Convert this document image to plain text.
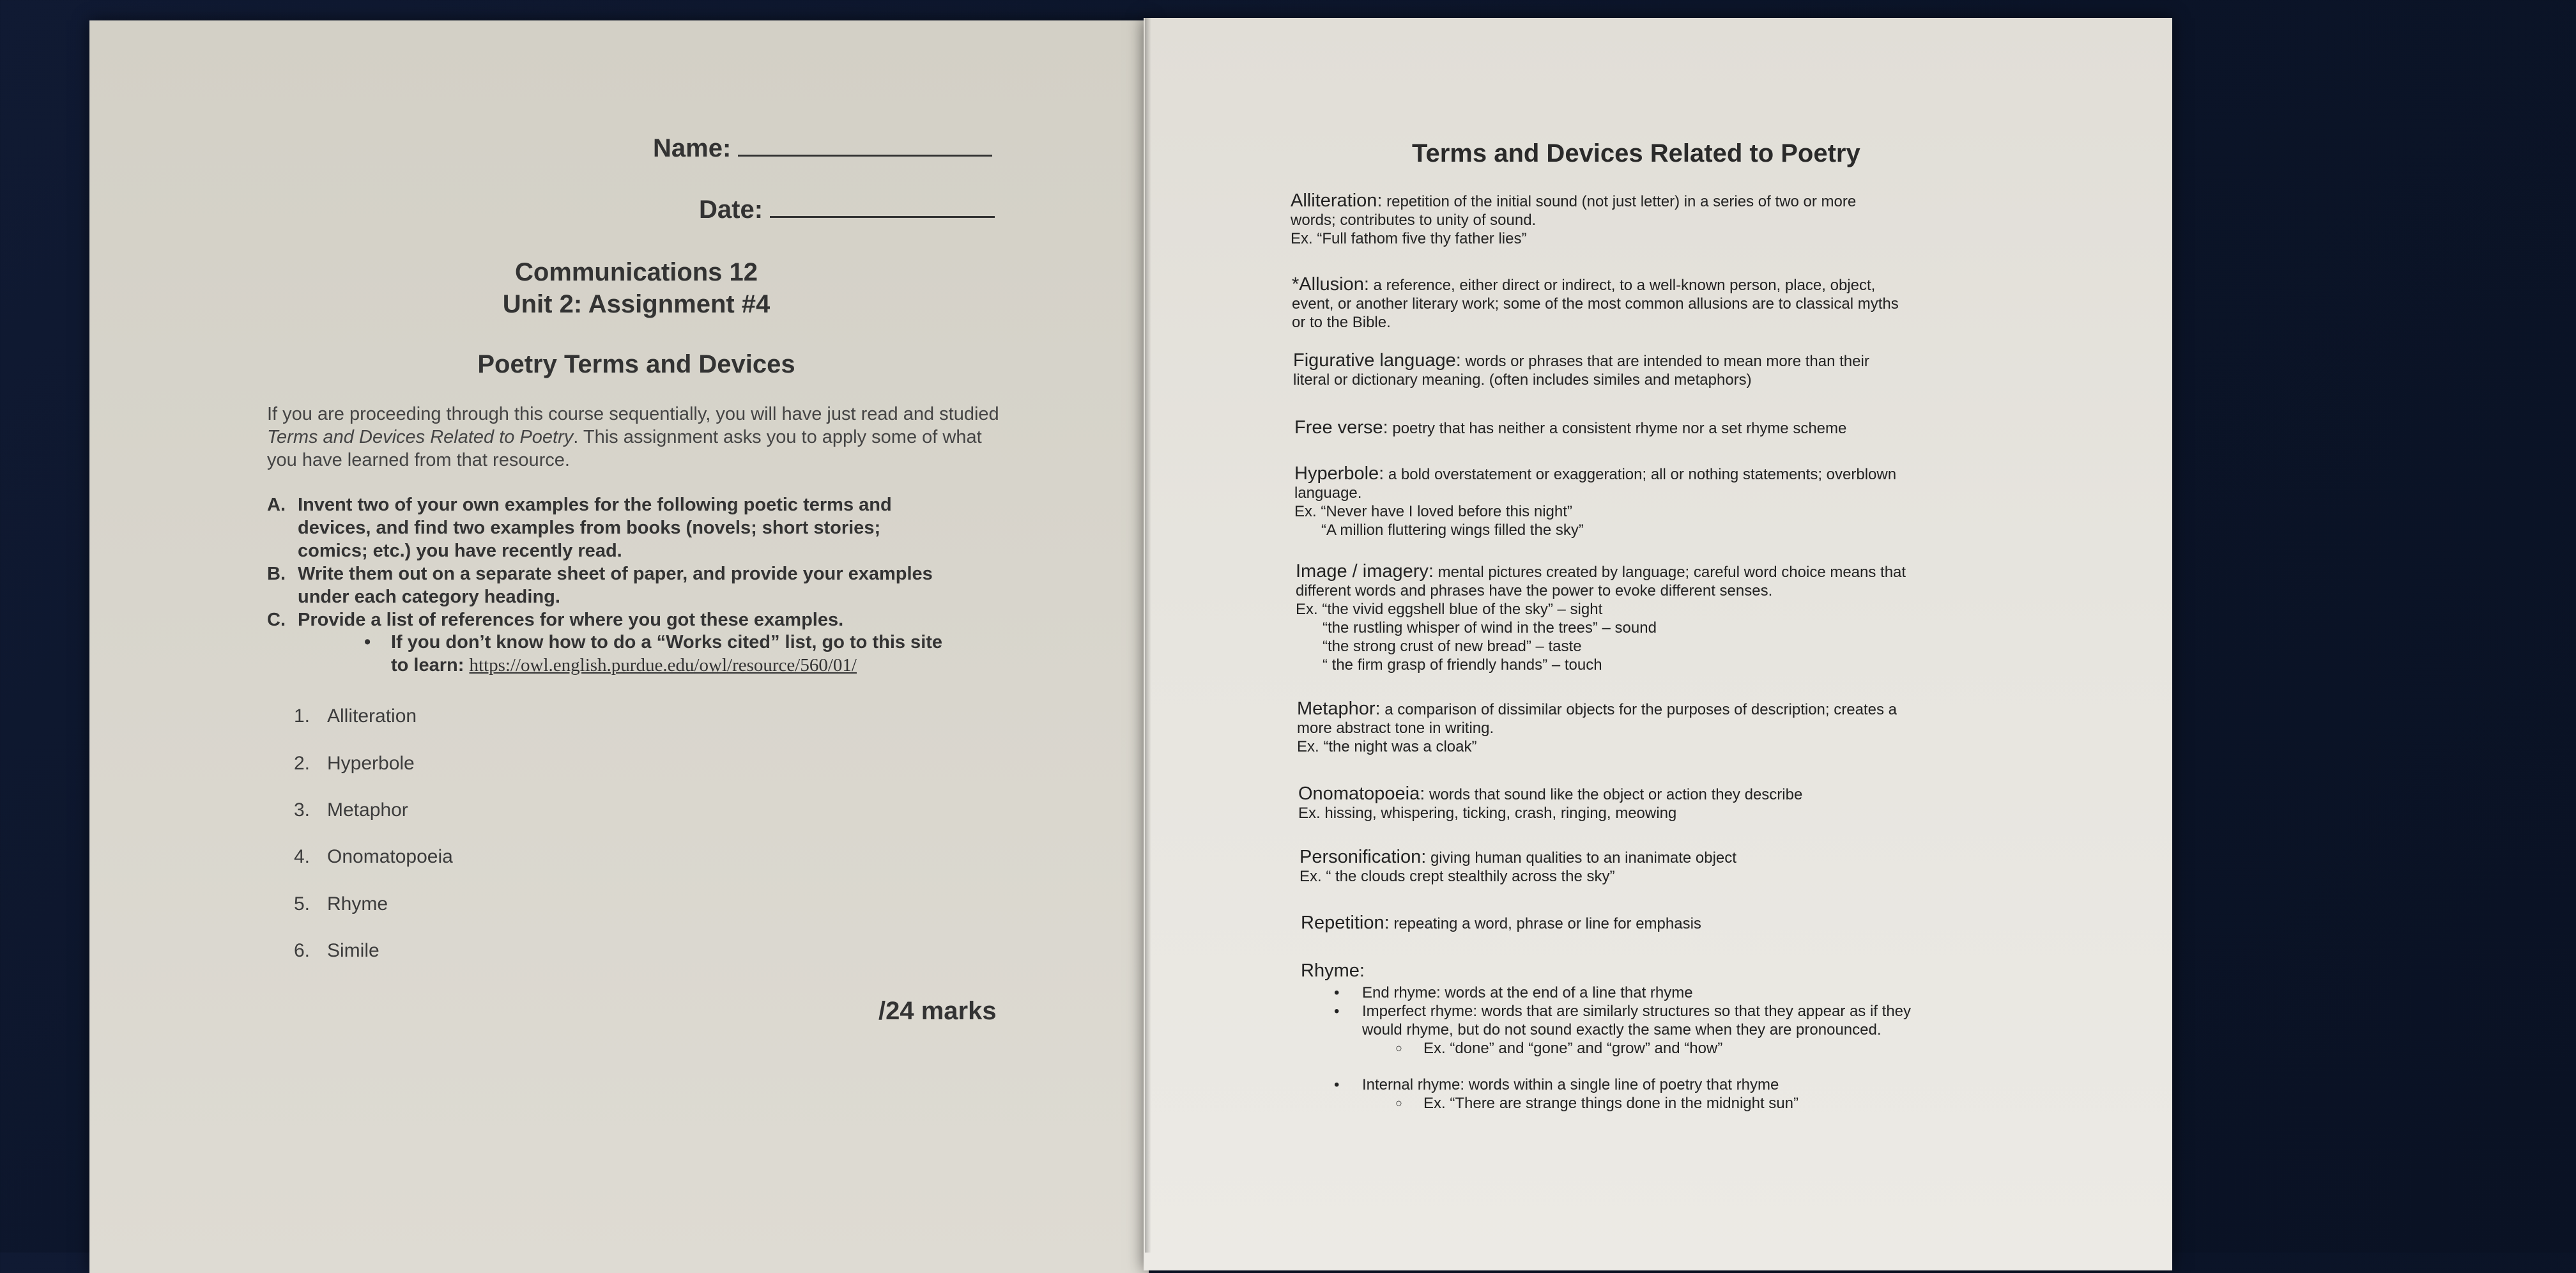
Name:
Date:
Communications 12
Unit 2: Assignment #4
Poetry Terms and Devices
If you are proceeding through this course sequentially, you will have just read and studied Terms and Devices Related to Poetry. This assignment asks you to apply some of what you have learned from that resource.
A. Invent two of your own examples for the following poetic terms and
devices, and find two examples from books (novels; short stories;
comics; etc.) you have recently read.
B. Write them out on a separate sheet of paper, and provide your examples
under each category heading.
C. Provide a list of references for where you got these examples.
• If you don’t know how to do a “Works cited” list, go to this site
to learn: https://owl.english.purdue.edu/owl/resource/560/01/
1. Alliteration
2. Hyperbole
3. Metaphor
4. Onomatopoeia
5. Rhyme
6. Simile
/24 marks
Terms and Devices Related to Poetry
Alliteration: repetition of the initial sound (not just letter) in a series of two or more
words; contributes to unity of sound.
Ex. “Full fathom five thy father lies”
*Allusion: a reference, either direct or indirect, to a well-known person, place, object,
event, or another literary work; some of the most common allusions are to classical myths
or to the Bible.
Figurative language: words or phrases that are intended to mean more than their
literal or dictionary meaning. (often includes similes and metaphors)
Free verse: poetry that has neither a consistent rhyme nor a set rhyme scheme
Hyperbole: a bold overstatement or exaggeration; all or nothing statements; overblown
language.
Ex. “Never have I loved before this night”
“A million fluttering wings filled the sky”
Image / imagery: mental pictures created by language; careful word choice means that
different words and phrases have the power to evoke different senses.
Ex. “the vivid eggshell blue of the sky” – sight
“the rustling whisper of wind in the trees” – sound
“the strong crust of new bread” – taste
“ the firm grasp of friendly hands” – touch
Metaphor: a comparison of dissimilar objects for the purposes of description; creates a
more abstract tone in writing.
Ex. “the night was a cloak”
Onomatopoeia: words that sound like the object or action they describe
Ex. hissing, whispering, ticking, crash, ringing, meowing
Personification: giving human qualities to an inanimate object
Ex. “ the clouds crept stealthily across the sky”
Repetition: repeating a word, phrase or line for emphasis
Rhyme:
• End rhyme: words at the end of a line that rhyme
• Imperfect rhyme: words that are similarly structures so that they appear as if they
would rhyme, but do not sound exactly the same when they are pronounced.
○ Ex. “done” and “gone” and “grow” and “how”
• Internal rhyme: words within a single line of poetry that rhyme
○ Ex. “There are strange things done in the midnight sun”
